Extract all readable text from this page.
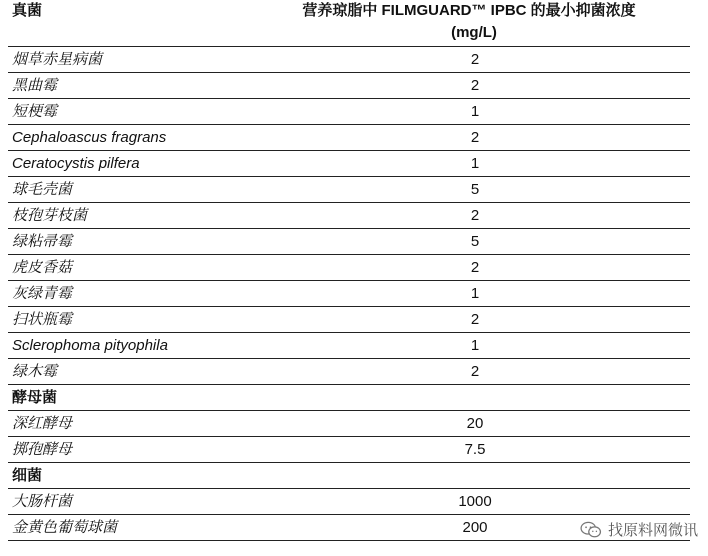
真菌	营养琼脂中 FILMGUARD™ IPBC 的最小抑菌浓度
(mg/L)
烟草赤星病菌	2
黑曲霉	2
短梗霉	1
Cephaloascus fragrans	2
Ceratocystis pilfera	1
球毛壳菌	5
枝孢芽枝菌	2
绿粘帚霉	5
虎皮香菇	2
灰绿青霉	1
扫状瓶霉	2
Sclerophoma pityophila	1
绿木霉	2
酵母菌
深红酵母	20
掷孢酵母	7.5
细菌
大肠杆菌	1000
金黄色葡萄球菌	200	找原料网微讯
